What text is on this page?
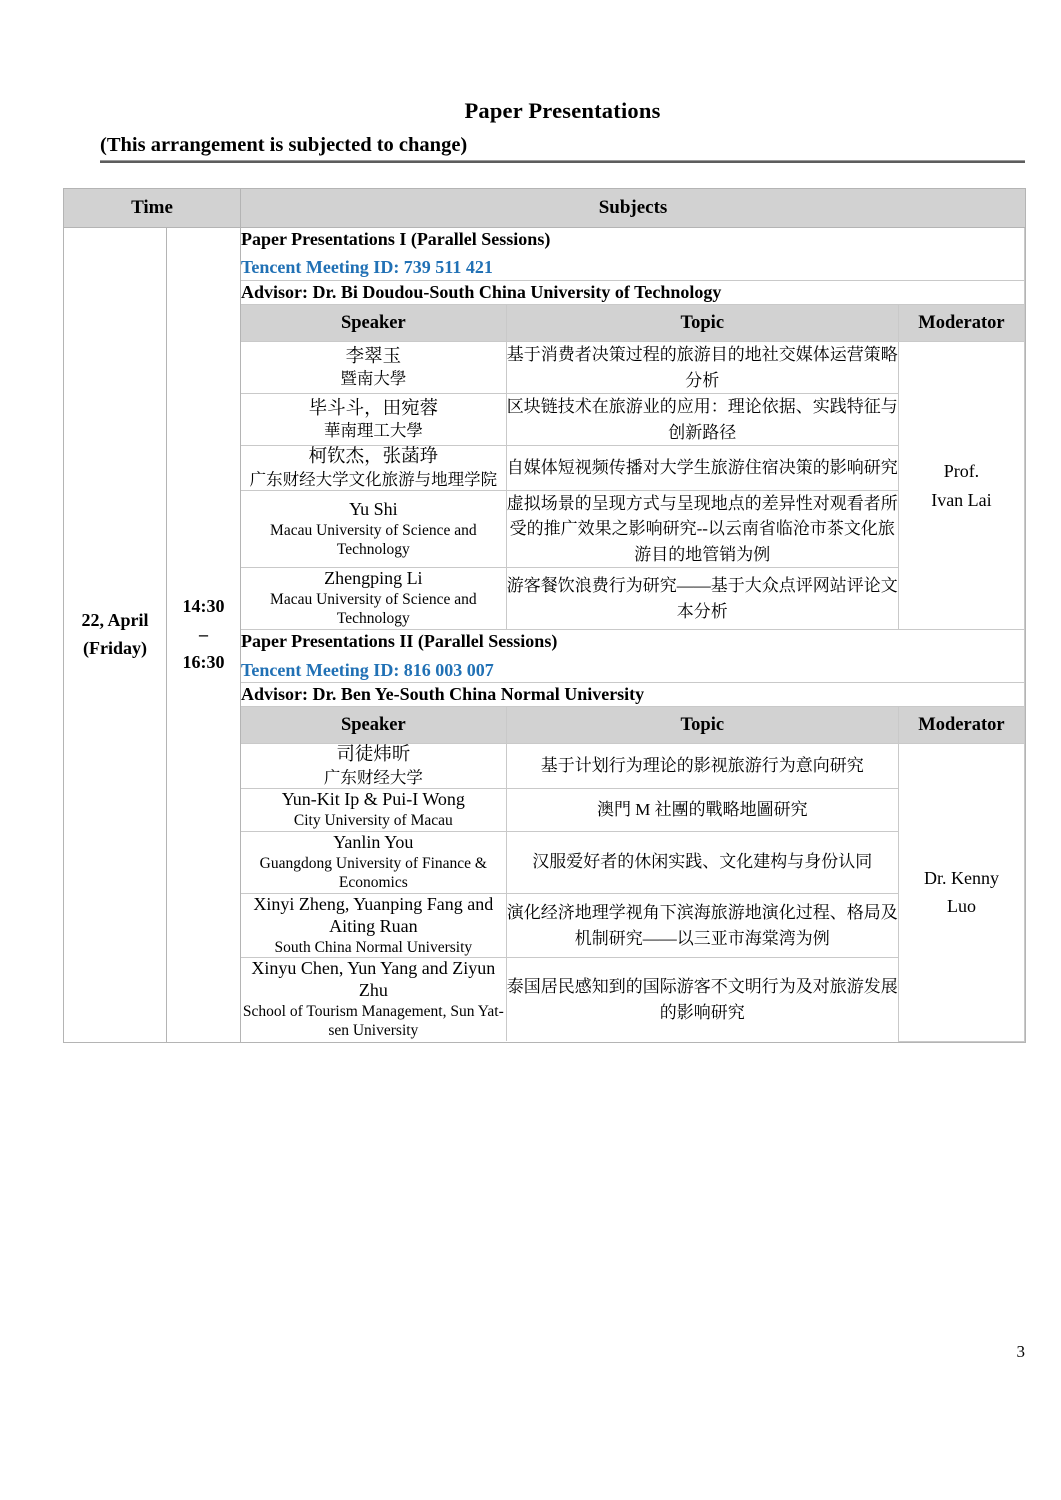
Paper Presentations
(This arrangement is subjected to change)
Time	Subjects

22, April
(Friday)

14:30
–
16:30

Paper Presentations I (Parallel Sessions)
Tencent Meeting ID: 739 511 421

Advisor: Dr. Bi Doudou-South China University of Technology
Speaker	Topic	Moderator

李翠玉
暨南大學
	基于消费者决策过程的旅游目的地社交媒体运营策略分析	
Prof.
Ivan Lai

毕斗斗，田宛蓉
華南理工大學
	区块链技术在旅游业的应用：理论依据、实践特征与创新路径

柯钦杰，张菡琤
广东财经大学文化旅游与地理学院
	自媒体短视频传播对大学生旅游住宿决策的影响研究

Yu Shi
Macau University of Science and Technology
	虚拟场景的呈现方式与呈现地点的差异性对观看者所受的推广效果之影响研究--以云南省临沧市茶文化旅游目的地管销为例

Zhengping Li
Macau University of Science and Technology
	游客餐饮浪费行为研究——基于大众点评网站评论文本分析
Paper Presentations II (Parallel Sessions)
Tencent Meeting ID: 816 003 007

Advisor: Dr. Ben Ye-South China Normal University
Speaker	Topic	Moderator

司徒炜昕
广东财经大学
	基于计划行为理论的影视旅游行为意向研究	
Dr. Kenny
Luo

Yun-Kit Ip & Pui-I Wong
City University of Macau
	澳門 M 社團的戰略地圖研究

Yanlin You
Guangdong University of Finance & Economics
	汉服爱好者的休闲实践、文化建构与身份认同

Xinyi Zheng, Yuanping Fang and Aiting Ruan
South China Normal University
	演化经济地理学视角下滨海旅游地演化过程、格局及机制研究——以三亚市海棠湾为例

Xinyu Chen, Yun Yang and Ziyun Zhu
School of Tourism Management, Sun Yat-sen University
	泰国居民感知到的国际游客不文明行为及对旅游发展的影响研究
3
